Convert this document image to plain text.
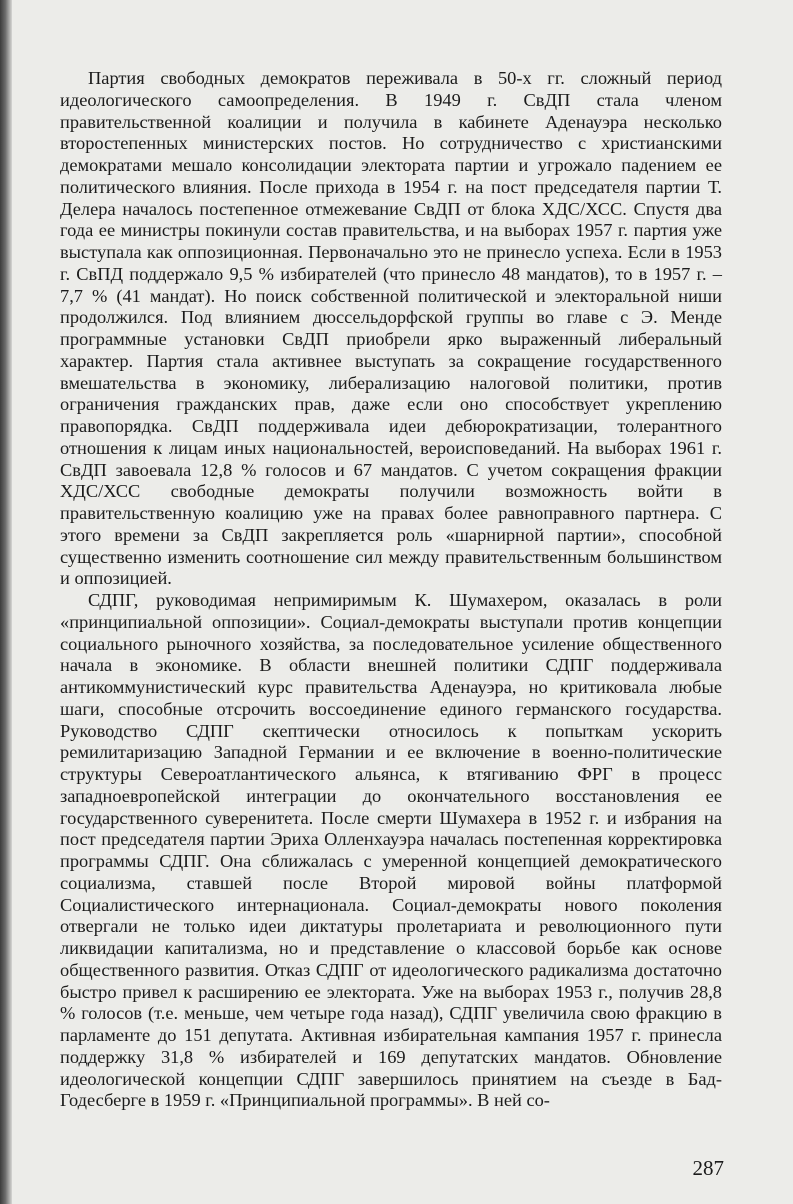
Партия свободных демократов переживала в 50-х гг. сложный период идеологического самоопределения. В 1949 г. СвДП стала членом правительственной коалиции и получила в кабинете Аденауэра несколько второстепенных министерских постов. Но сотрудничество с христианскими демократами мешало консолидации электората партии и угрожало падением ее политического влияния. После прихода в 1954 г. на пост председателя партии Т. Делера началось постепенное отмежевание СвДП от блока ХДС/ХСС. Спустя два года ее министры покинули состав правительства, и на выборах 1957 г. партия уже выступала как оппозиционная. Первоначально это не принесло успеха. Если в 1953 г. СвПД поддержало 9,5 % избирателей (что принесло 48 мандатов), то в 1957 г. – 7,7 % (41 мандат). Но поиск собственной политической и электоральной ниши продолжился. Под влиянием дюссельдорфской группы во главе с Э. Менде программные установки СвДП приобрели ярко выраженный либеральный характер. Партия стала активнее выступать за сокращение государственного вмешательства в экономику, либерализацию налоговой политики, против ограничения гражданских прав, даже если оно способствует укреплению правопорядка. СвДП поддерживала идеи дебюрократизации, толерантного отношения к лицам иных национальностей, вероисповеданий. На выборах 1961 г. СвДП завоевала 12,8 % голосов и 67 мандатов. С учетом сокращения фракции ХДС/ХСС свободные демократы получили возможность войти в правительственную коалицию уже на правах более равноправного партнера. С этого времени за СвДП закрепляется роль «шарнирной партии», способной существенно изменить соотношение сил между правительственным большинством и оппозицией.

СДПГ, руководимая непримиримым К. Шумахером, оказалась в роли «принципиальной оппозиции». Социал-демократы выступали против концепции социального рыночного хозяйства, за последовательное усиление общественного начала в экономике. В области внешней политики СДПГ поддерживала антикоммунистический курс правительства Аденауэра, но критиковала любые шаги, способные отсрочить воссоединение единого германского государства. Руководство СДПГ скептически относилось к попыткам ускорить ремилитаризацию Западной Германии и ее включение в военно-политические структуры Североатлантического альянса, к втягиванию ФРГ в процесс западноевропейской интеграции до окончательного восстановления ее государственного суверенитета. После смерти Шумахера в 1952 г. и избрания на пост председателя партии Эриха Олленхауэра началась постепенная корректировка программы СДПГ. Она сближалась с умеренной концепцией демократического социализма, ставшей после Второй мировой войны платформой Социалистического интернационала. Социал-демократы нового поколения отвергали не только идеи диктатуры пролетариата и революционного пути ликвидации капитализма, но и представление о классовой борьбе как основе общественного развития. Отказ СДПГ от идеологического радикализма достаточно быстро привел к расширению ее электората. Уже на выборах 1953 г., получив 28,8 % голосов (т.е. меньше, чем четыре года назад), СДПГ увеличила свою фракцию в парламенте до 151 депутата. Активная избирательная кампания 1957 г. принесла поддержку 31,8 % избирателей и 169 депутатских мандатов. Обновление идеологической концепции СДПГ завершилось принятием на съезде в Бад-Годесберге в 1959 г. «Принципиальной программы». В ней со-

287
